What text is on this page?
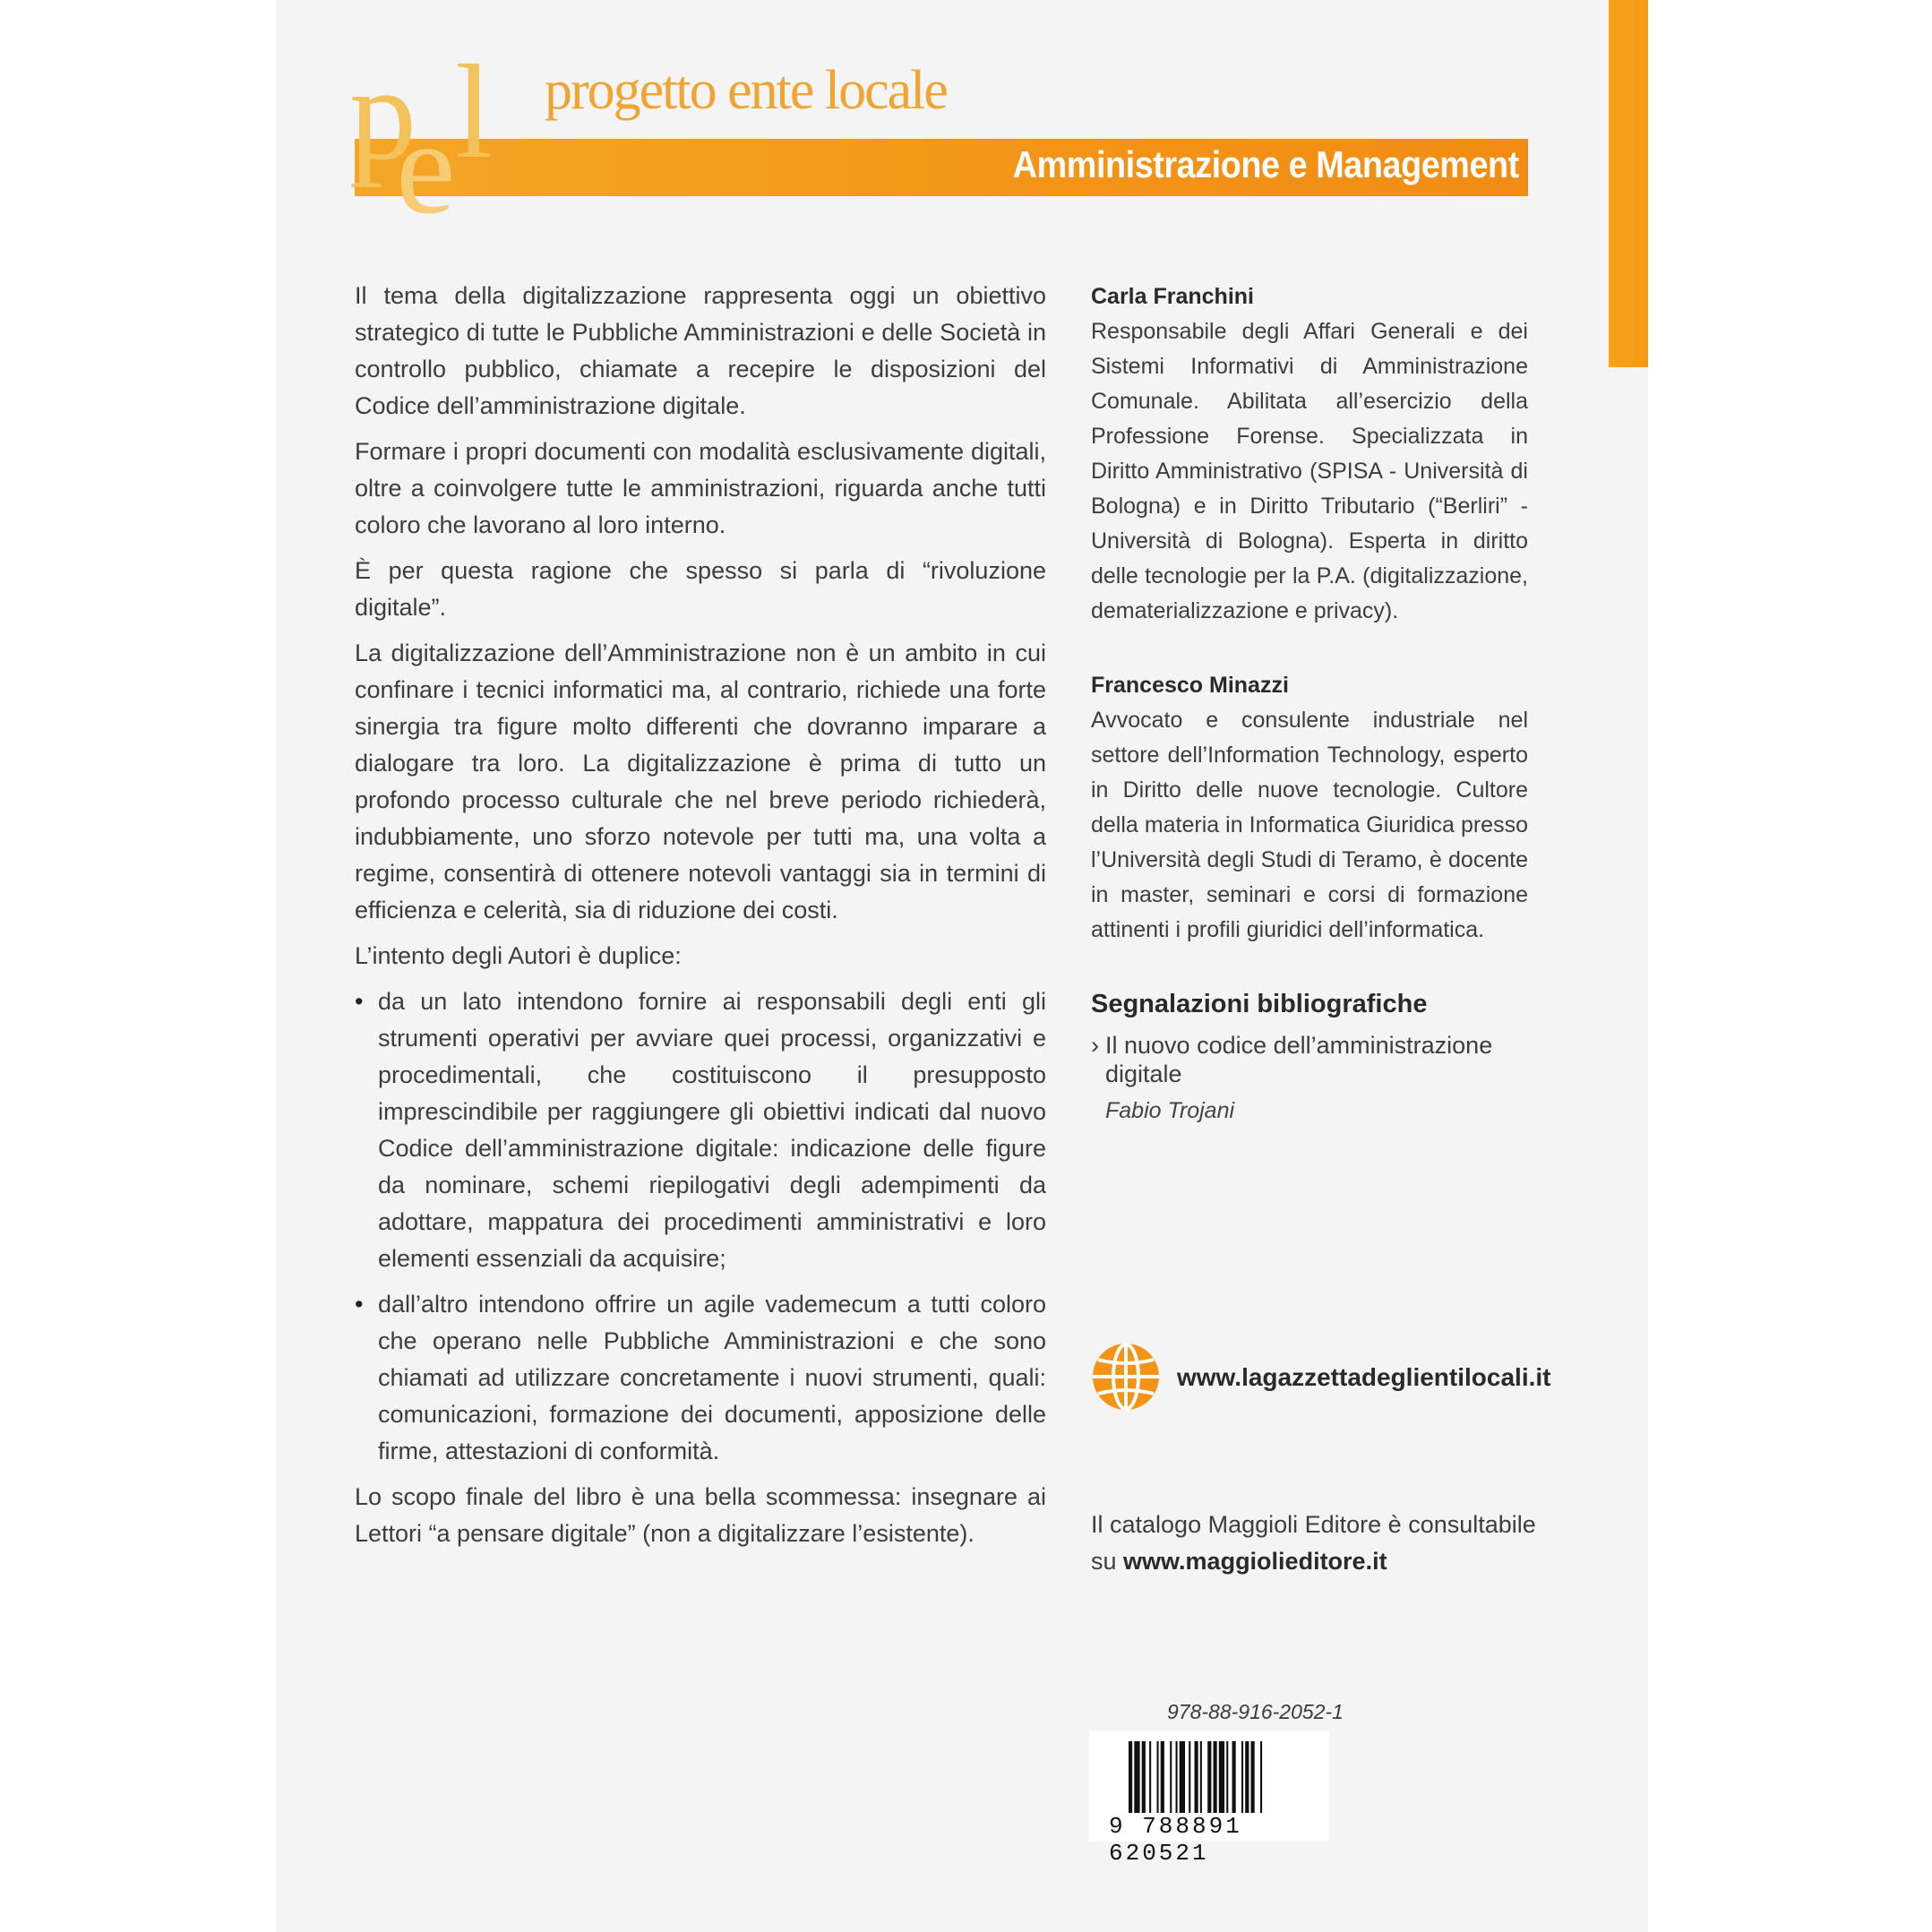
p
e l progetto ente locale
Amministrazione e Management

Il tema della digitalizzazione rappresenta oggi un obiettivo strategico di tutte le Pubbliche Amministrazioni e delle Società in controllo pubblico, chiamate a recepire le disposizioni del Codice dell’amministrazione digitale.

Formare i propri documenti con modalità esclusivamente digitali, oltre a coinvolgere tutte le amministrazioni, riguarda anche tutti coloro che lavorano al loro interno.

È per questa ragione che spesso si parla di “rivoluzione digitale”.

La digitalizzazione dell’Amministrazione non è un ambito in cui confinare i tecnici informatici ma, al contrario, richiede una forte sinergia tra figure molto differenti che dovranno imparare a dialogare tra loro. La digitalizzazione è prima di tutto un profondo processo culturale che nel breve periodo richiederà, indubbiamente, uno sforzo notevole per tutti ma, una volta a regime, consentirà di ottenere notevoli vantaggi sia in termini di efficienza e celerità, sia di riduzione dei costi.

L’intento degli Autori è duplice:

• da un lato intendono fornire ai responsabili degli enti gli strumenti operativi per avviare quei processi, organizzativi e procedimentali, che costituiscono il presupposto imprescindibile per raggiungere gli obiettivi indicati dal nuovo Codice dell’amministrazione digitale: indicazione delle figure da nominare, schemi riepilogativi degli adempimenti da adottare, mappatura dei procedimenti amministrativi e loro elementi essenziali da acquisire;
• dall’altro intendono offrire un agile vademecum a tutti coloro che operano nelle Pubbliche Amministrazioni e che sono chiamati ad utilizzare concretamente i nuovi strumenti, quali: comunicazioni, formazione dei documenti, apposizione delle firme, attestazioni di conformità.

Lo scopo finale del libro è una bella scommessa: insegnare ai Lettori “a pensare digitale” (non a digitalizzare l’esistente).

Carla Franchini
Responsabile degli Affari Generali e dei Sistemi Informativi di Amministrazione Comunale. Abilitata all’esercizio della Professione Forense. Specializzata in Diritto Amministrativo (SPISA - Università di Bologna) e in Diritto Tributario (“Berliri” - Università di Bologna). Esperta in diritto delle tecnologie per la P.A. (digitalizzazione, dematerializzazione e privacy).
Francesco Minazzi
Avvocato e consulente industriale nel settore dell’Information Technology, esperto in Diritto delle nuove tecnologie. Cultore della materia in Informatica Giuridica presso l’Università degli Studi di Teramo, è docente in master, seminari e corsi di formazione attinenti i profili giuridici dell’informatica.
Segnalazioni bibliografiche
› Il nuovo codice dell’amministrazione digitale
Fabio Trojani
www.lagazzettadeglientilocali.it
Il catalogo Maggioli Editore è consultabile
su www.maggiolieditore.it
978-88-916-2052-1
9 788891 620521
